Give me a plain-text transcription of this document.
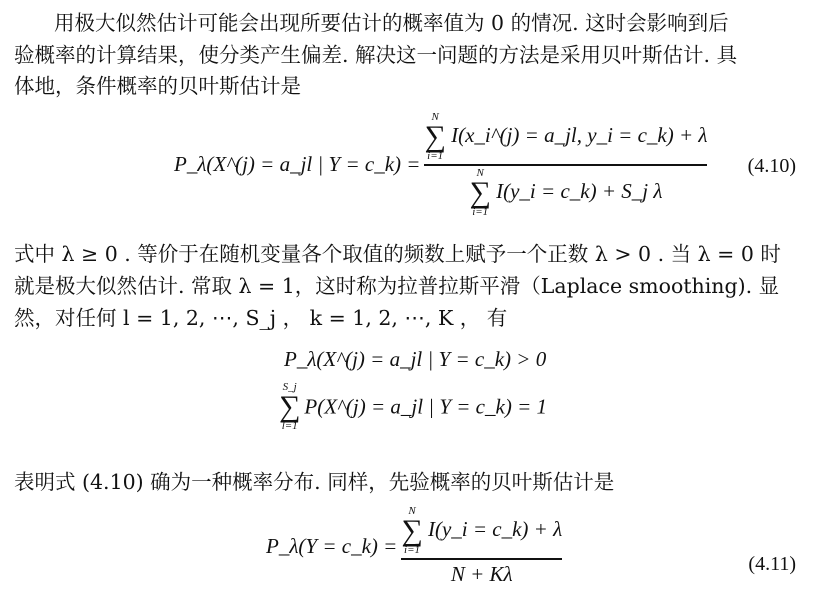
用极大似然估计可能会出现所要估计的概率值为 0 的情况. 这时会影响到后
验概率的计算结果，使分类产生偏差. 解决这一问题的方法是采用贝叶斯估计. 具
体地，条件概率的贝叶斯估计是
P_λ(X^(j) = a_jl | Y = c_k) =
N
∑
i=1
I(x_i^(j) = a_jl, y_i = c_k) + λ
N
∑
i=1
I(y_i = c_k) + S_j λ
(4.10)
式中 λ ≥ 0 . 等价于在随机变量各个取值的频数上赋予一个正数 λ > 0 . 当 λ = 0 时
就是极大似然估计. 常取 λ = 1，这时称为拉普拉斯平滑（Laplace smoothing). 显
然，对任何 l = 1, 2, ⋯, S_j ， k = 1, 2, ⋯, K ， 有
P_λ(X^(j) = a_jl | Y = c_k) > 0
S_j
∑
l=1
P(X^(j) = a_jl | Y = c_k) = 1
表明式 (4.10) 确为一种概率分布. 同样，先验概率的贝叶斯估计是
P_λ(Y = c_k) =
N
∑
i=1
I(y_i = c_k) + λ
N + Kλ	(4.11)
